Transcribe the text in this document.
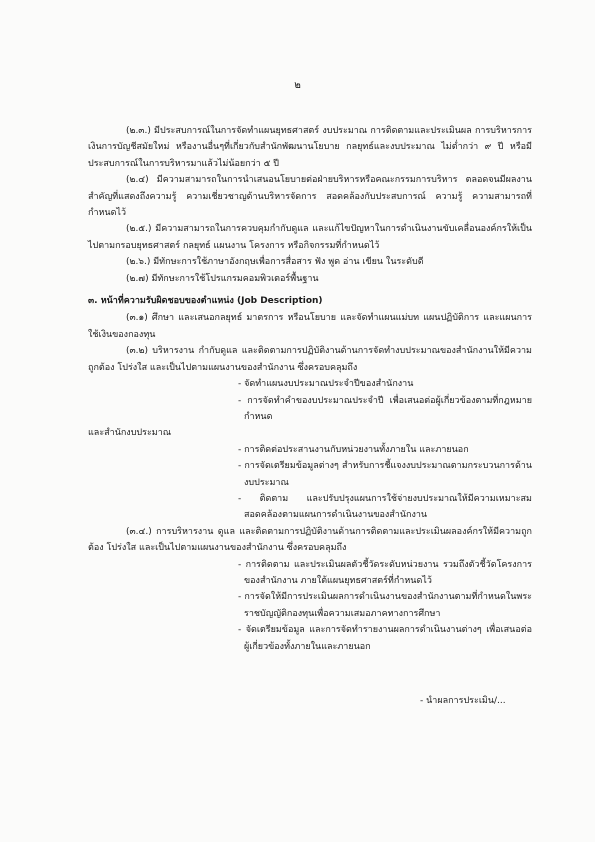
๒

(๒.๓.) มีประสบการณ์ในการจัดทำแผนยุทธศาสตร์ งบประมาณ การติดตามและประเมินผล การบริหารการเงินการบัญชีสมัยใหม่ หรืองานอื่นๆที่เกี่ยวกับสำนักพัฒนานโยบาย กลยุทธ์และงบประมาณ ไม่ต่ำกว่า ๙ ปี หรือมีประสบการณ์ในการบริหารมาแล้วไม่น้อยกว่า ๕ ปี

(๒.๔) มีความสามารถในการนำเสนอนโยบายต่อฝ่ายบริหารหรือคณะกรรมการบริหาร ตลอดจนมีผลงานสำคัญที่แสดงถึงความรู้ ความเชี่ยวชาญด้านบริหารจัดการ สอดคล้องกับประสบการณ์ ความรู้ ความสามารถที่กำหนดไว้

(๒.๕.) มีความสามารถในการควบคุมกำกับดูแล และแก้ไขปัญหาในการดำเนินงานขับเคลื่อนองค์กรให้เป็นไปตามกรอบยุทธศาสตร์ กลยุทธ์ แผนงาน โครงการ หรือกิจกรรมที่กำหนดไว้

(๒.๖.) มีทักษะการใช้ภาษาอังกฤษเพื่อการสื่อสาร ฟัง พูด อ่าน เขียน ในระดับดี

(๒.๗) มีทักษะการใช้โปรแกรมคอมพิวเตอร์พื้นฐาน

๓. หน้าที่ความรับผิดชอบของตำแหน่ง (Job Description)

(๓.๑) ศึกษา และเสนอกลยุทธ์ มาตรการ หรือนโยบาย และจัดทำแผนแม่บท แผนปฏิบัติการ และแผนการใช้เงินของกองทุน

(๓.๒) บริหารงาน กำกับดูแล และติดตามการปฏิบัติงานด้านการจัดทำงบประมาณของสำนักงานให้มีความถูกต้อง โปร่งใส และเป็นไปตามแผนงานของสำนักงาน ซึ่งครอบคลุมถึง

- จัดทำแผนงบประมาณประจำปีของสำนักงาน

- การจัดทำคำของบประมาณประจำปี เพื่อเสนอต่อผู้เกี่ยวข้องตามที่กฎหมายกำหนด

และสำนักงบประมาณ

- การติดต่อประสานงานกับหน่วยงานทั้งภายใน และภายนอก

- การจัดเตรียมข้อมูลต่างๆ สำหรับการชี้แจงงบประมาณตามกระบวนการด้านงบประมาณ

- ติดตาม และปรับปรุงแผนการใช้จ่ายงบประมาณให้มีความเหมาะสมสอดคล้องตามแผนการดำเนินงานของสำนักงาน

(๓.๔.) การบริหารงาน ดูแล และติดตามการปฏิบัติงานด้านการติดตามและประเมินผลองค์กรให้มีความถูกต้อง โปร่งใส และเป็นไปตามแผนงานของสำนักงาน ซึ่งครอบคลุมถึง

- การติดตาม และประเมินผลตัวชี้วัดระดับหน่วยงาน รวมถึงตัวชี้วัดโครงการของสำนักงาน ภายใต้แผนยุทธศาสตร์ที่กำหนดไว้

- การจัดให้มีการประเมินผลการดำเนินงานของสำนักงานตามที่กำหนดในพระราชบัญญัติกองทุนเพื่อความเสมอภาคทางการศึกษา

- จัดเตรียมข้อมูล และการจัดทำรายงานผลการดำเนินงานต่างๆ เพื่อเสนอต่อผู้เกี่ยวข้องทั้งภายในและภายนอก

- นำผลการประเมิน/...
